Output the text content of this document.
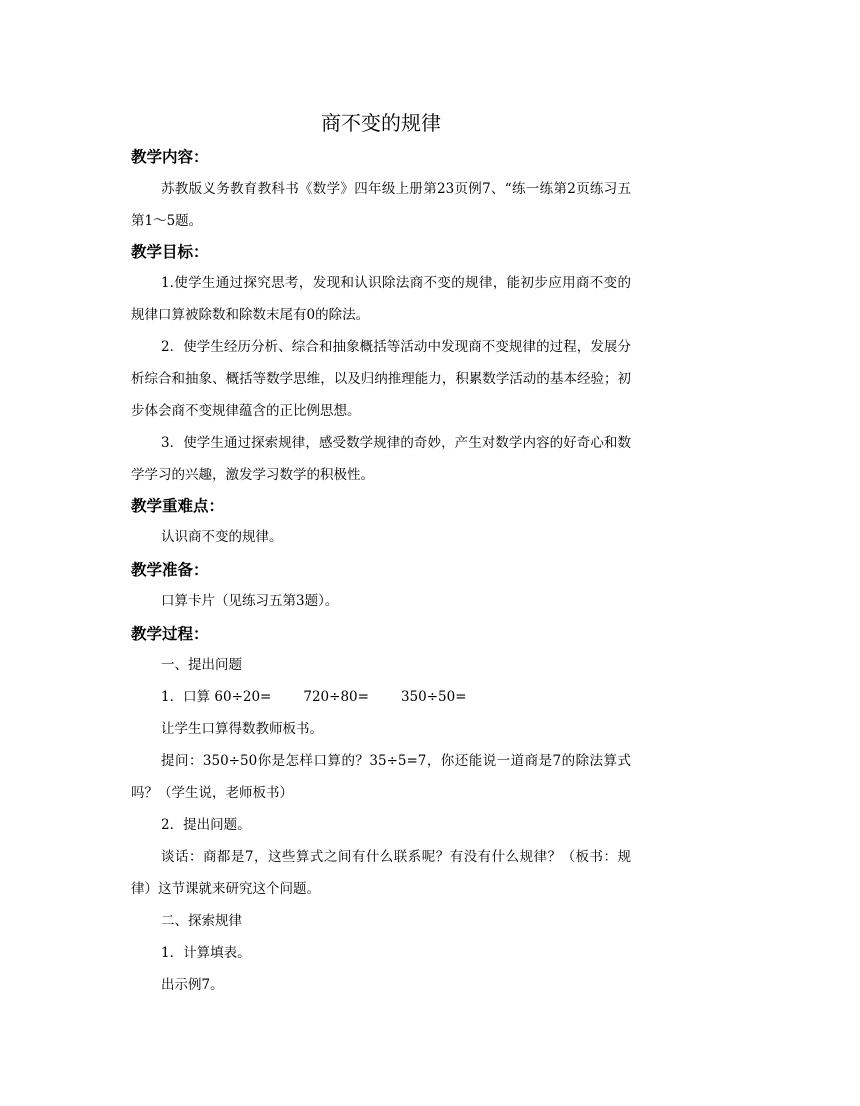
商不变的规律

教学内容：

苏教版义务教育教科书《数学》四年级上册第23页例7、“练一练第2页练习五第1～5题。

教学目标：

1.使学生通过探究思考，发现和认识除法商不变的规律，能初步应用商不变的规律口算被除数和除数末尾有0的除法。

2．使学生经历分析、综合和抽象概括等活动中发现商不变规律的过程，发展分析综合和抽象、概括等数学思维，以及归纳推理能力，积累数学活动的基本经验；初步体会商不变规律蕴含的正比例思想。

3．使学生通过探索规律，感受数学规律的奇妙，产生对数学内容的好奇心和数学学习的兴趣，激发学习数学的积极性。

教学重难点：

认识商不变的规律。

教学准备：

口算卡片（见练习五第3题）。

教学过程：

一、提出问题

1．口算 60÷20= 720÷80= 350÷50=

让学生口算得数教师板书。

提问：350÷50你是怎样口算的？35÷5=7，你还能说一道商是7的除法算式吗？（学生说，老师板书）

2．提出问题。

谈话：商都是7，这些算式之间有什么联系呢？有没有什么规律？（板书：规律）这节课就来研究这个问题。

二、探索规律

1．计算填表。

出示例7。
